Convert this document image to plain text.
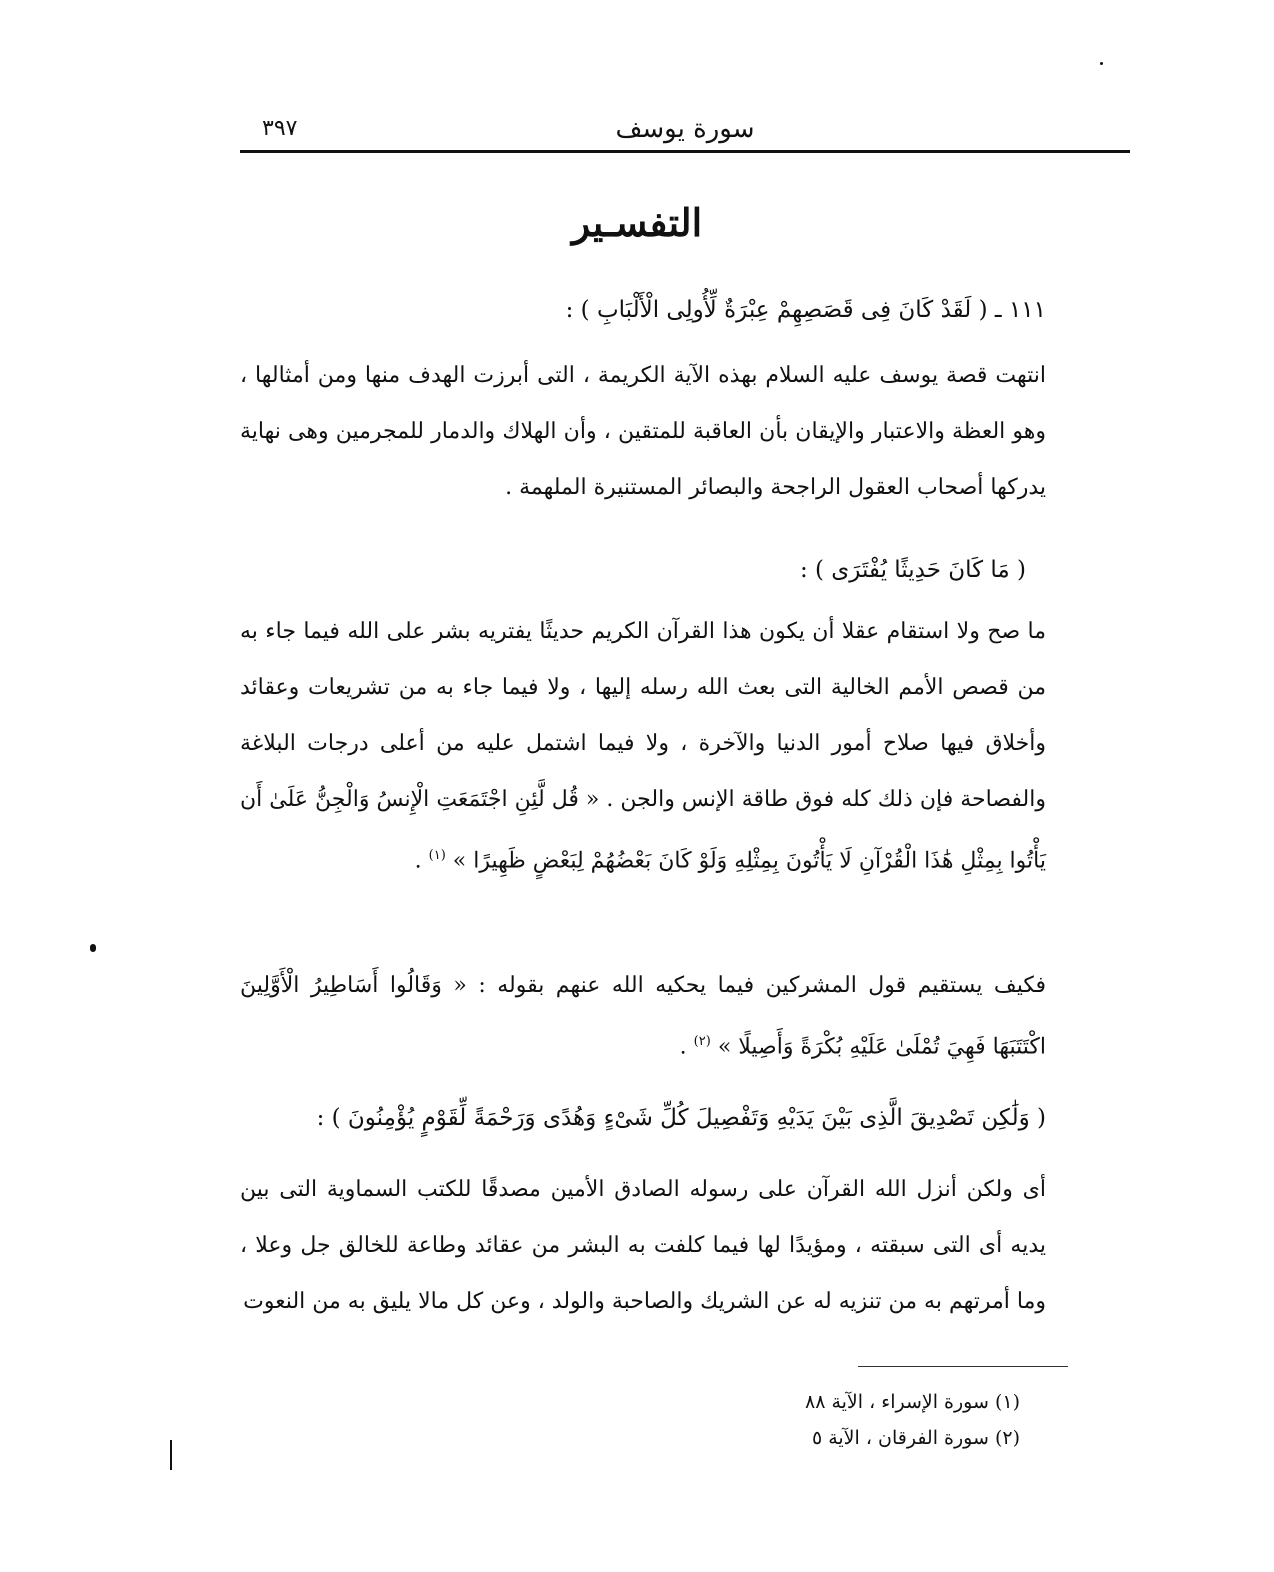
٣٩٧	سورة يوسف
التفسـير
١١١ ـ ( لَقَدْ كَانَ فِى قَصَصِهِمْ عِبْرَةٌ لِّأُولِى الْأَلْبَابِ ) :
انتهت قصة يوسف عليه السلام بهذه الآية الكريمة ، التى أبرزت الهدف منها ومن أمثالها ، وهو العظة والاعتبار والإيقان بأن العاقبة للمتقين ، وأن الهلاك والدمار للمجرمين وهى نهاية يدركها أصحاب العقول الراجحة والبصائر المستنيرة الملهمة .
( مَا كَانَ حَدِيثًا يُفْتَرَى ) :
ما صح ولا استقام عقلا أن يكون هذا القرآن الكريم حديثًا يفتريه بشر على الله فيما جاء به من قصص الأمم الخالية التى بعث الله رسله إليها ، ولا فيما جاء به من تشريعات وعقائد وأخلاق فيها صلاح أمور الدنيا والآخرة ، ولا فيما اشتمل عليه من أعلى درجات البلاغة والفصاحة فإن ذلك كله فوق طاقة الإنس والجن . « قُل لَّئِنِ اجْتَمَعَتِ الْإِنسُ وَالْجِنُّ عَلَىٰ أَن يَأْتُوا بِمِثْلِ هَٰذَا الْقُرْآنِ لَا يَأْتُونَ بِمِثْلِهِ وَلَوْ كَانَ بَعْضُهُمْ لِبَعْضٍ ظَهِيرًا » $^{(١)}$ .
فكيف يستقيم قول المشركين فيما يحكيه الله عنهم بقوله : « وَقَالُوا أَسَاطِيرُ الْأَوَّلِينَ اكْتَتَبَهَا فَهِيَ تُمْلَىٰ عَلَيْهِ بُكْرَةً وَأَصِيلًا » $^{(٢)}$ .
( وَلَٰكِن تَصْدِيقَ الَّذِى بَيْنَ يَدَيْهِ وَتَفْصِيلَ كُلِّ شَىْءٍ وَهُدًى وَرَحْمَةً لِّقَوْمٍ يُؤْمِنُونَ ) :
أى ولكن أنزل الله القرآن على رسوله الصادق الأمين مصدقًا للكتب السماوية التى بين يديه أى التى سبقته ، ومؤيدًا لها فيما كلفت به البشر من عقائد وطاعة للخالق جل وعلا ، وما أمرتهم به من تنزيه له عن الشريك والصاحبة والولد ، وعن كل مالا يليق به من النعوت
(١) سورة الإسراء ، الآية ٨٨
(٢) سورة الفرقان ، الآية ٥
